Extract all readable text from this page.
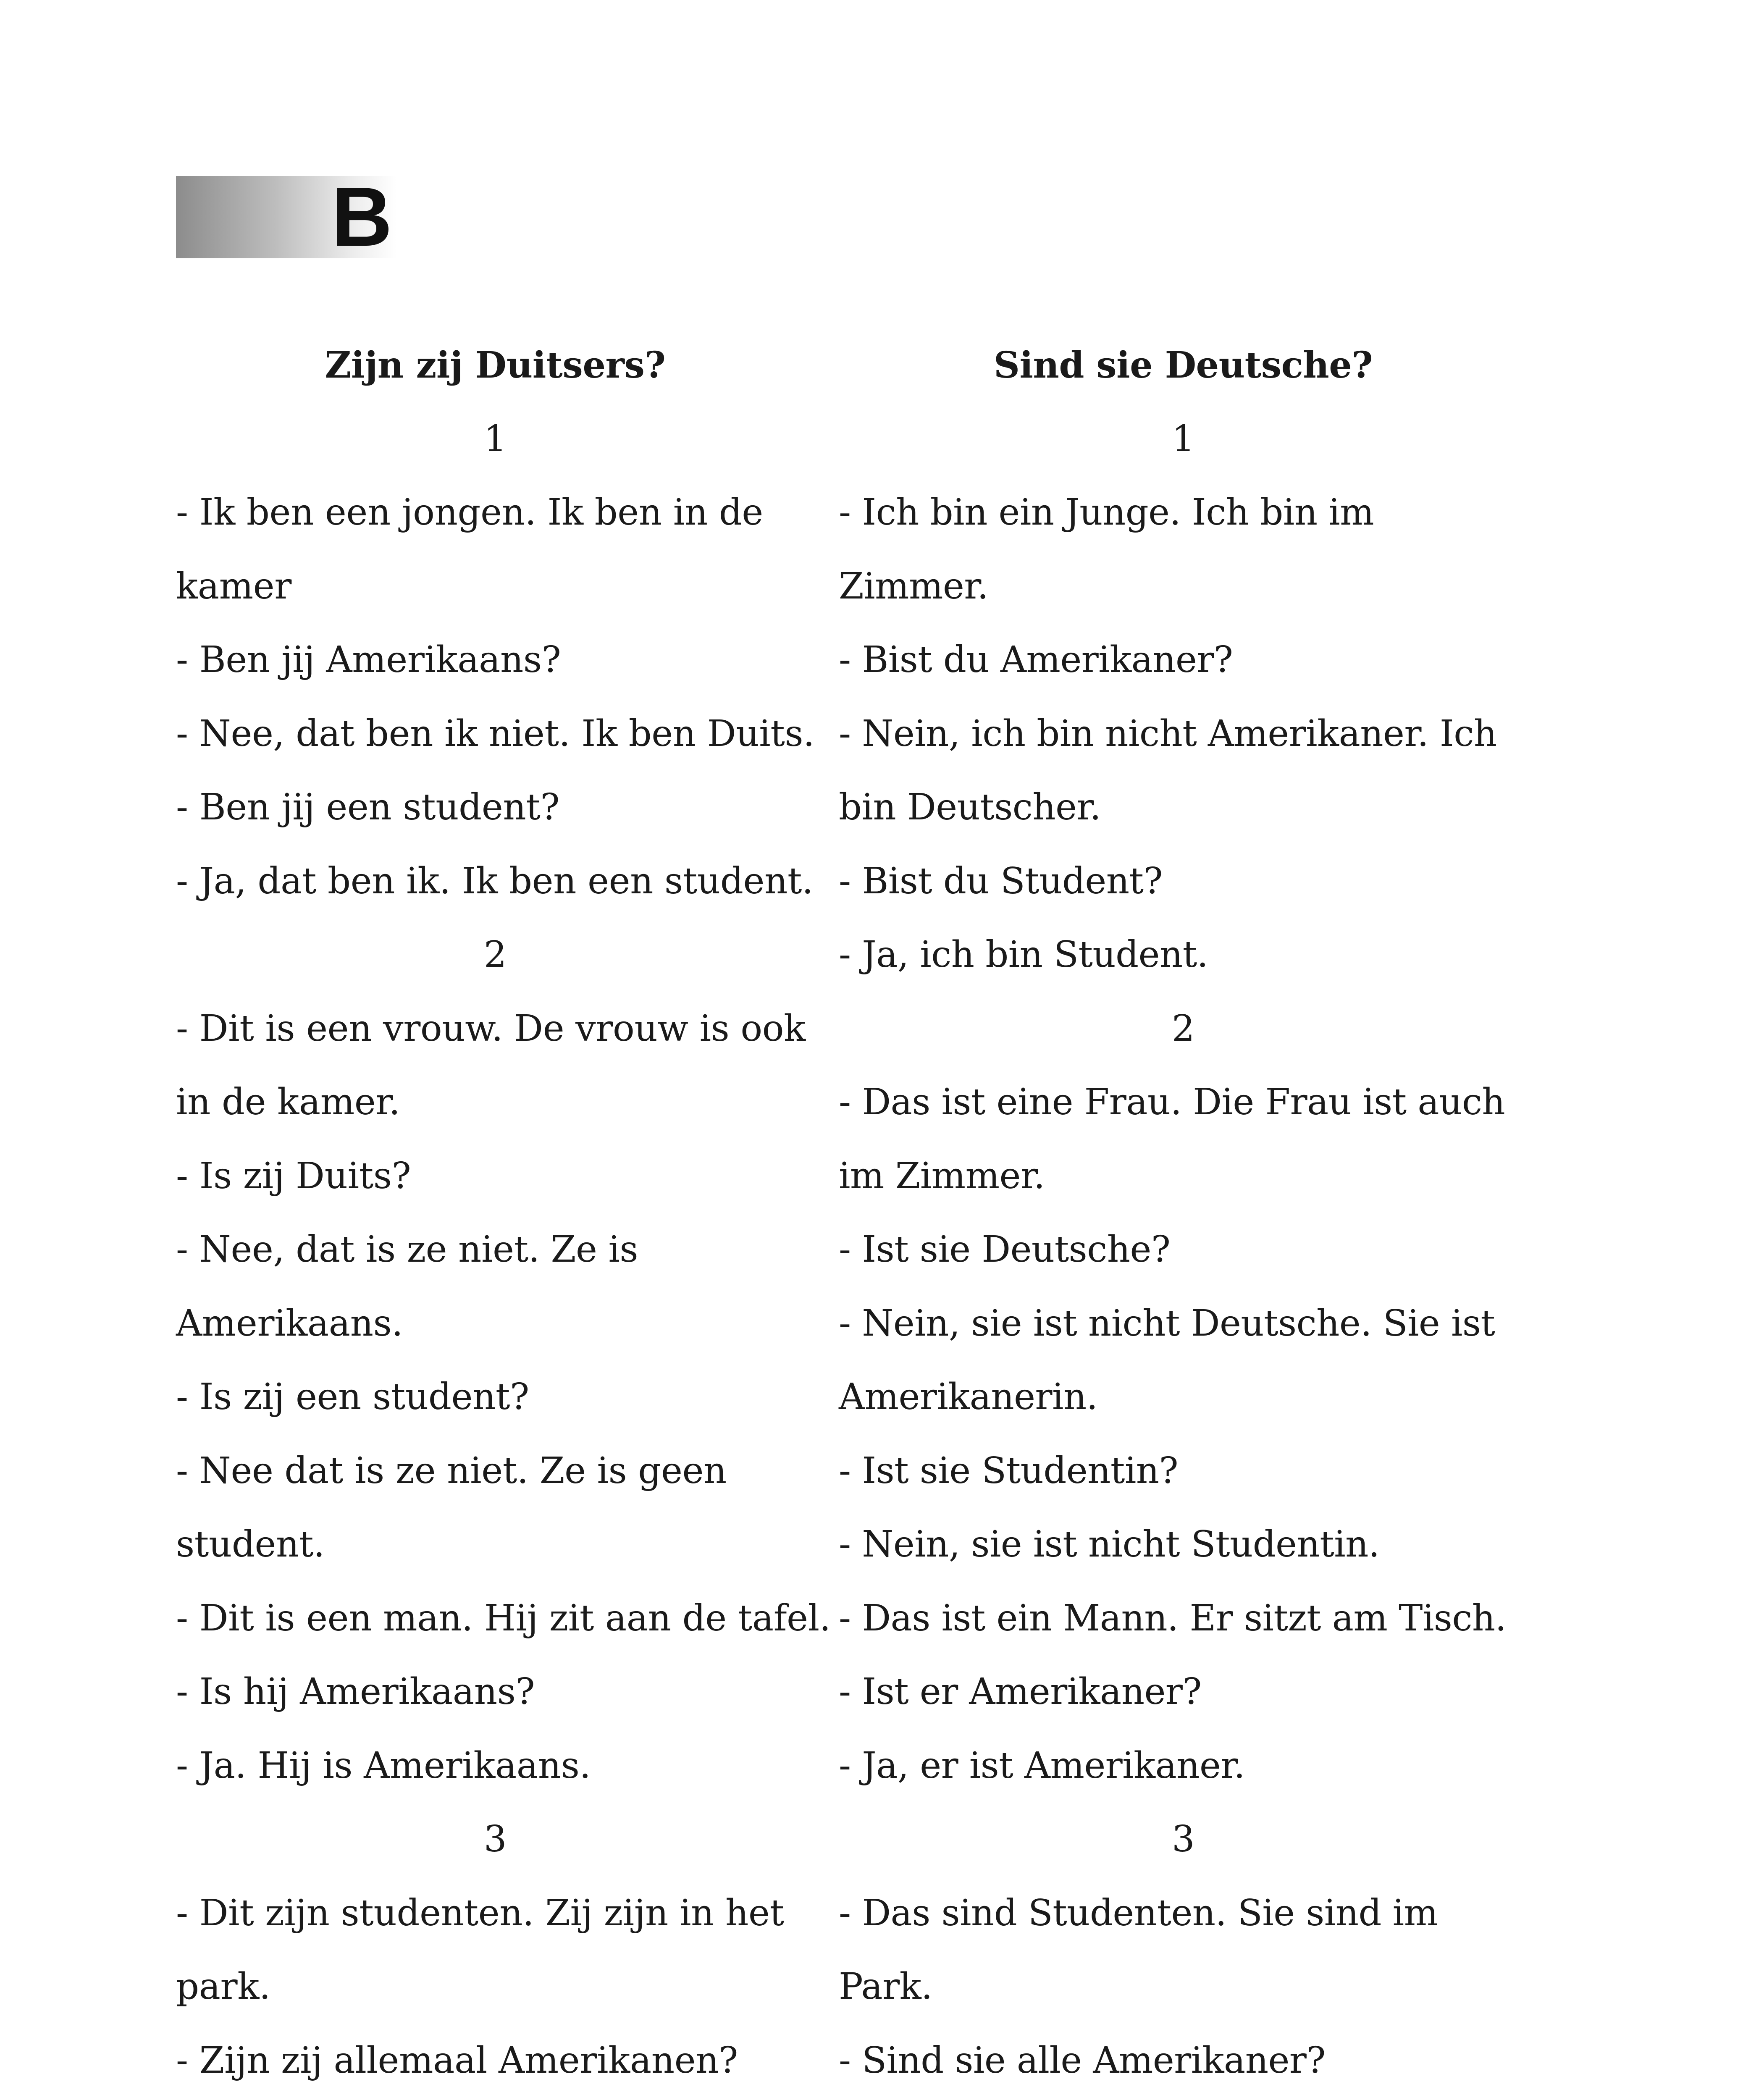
B
Zijn zij Duitsers?
1
- Ik ben een jongen. Ik ben in de
kamer
- Ben jij Amerikaans?
- Nee, dat ben ik niet. Ik ben Duits.
- Ben jij een student?
- Ja, dat ben ik. Ik ben een student.
2
- Dit is een vrouw. De vrouw is ook
in de kamer.
- Is zij Duits?
- Nee, dat is ze niet. Ze is
Amerikaans.
- Is zij een student?
- Nee dat is ze niet. Ze is geen
student.
- Dit is een man. Hij zit aan de tafel.
- Is hij Amerikaans?
- Ja. Hij is Amerikaans.
3
- Dit zijn studenten. Zij zijn in het
park.
- Zijn zij allemaal Amerikanen?
Sind sie Deutsche?
1
- Ich bin ein Junge. Ich bin im
Zimmer.
- Bist du Amerikaner?
- Nein, ich bin nicht Amerikaner. Ich
bin Deutscher.
- Bist du Student?
- Ja, ich bin Student.
2
- Das ist eine Frau. Die Frau ist auch
im Zimmer.
- Ist sie Deutsche?
- Nein, sie ist nicht Deutsche. Sie ist
Amerikanerin.
- Ist sie Studentin?
- Nein, sie ist nicht Studentin.
- Das ist ein Mann. Er sitzt am Tisch.
- Ist er Amerikaner?
- Ja, er ist Amerikaner.
3
- Das sind Studenten. Sie sind im
Park.
- Sind sie alle Amerikaner?
